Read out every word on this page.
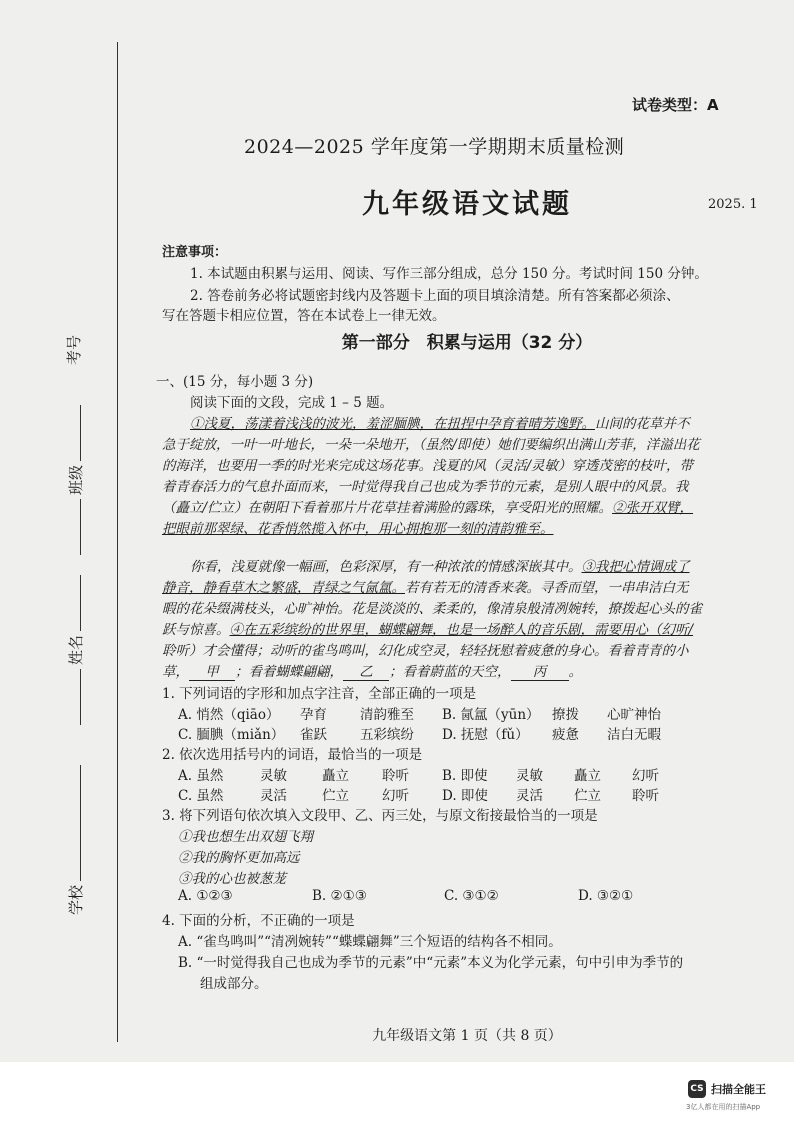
考号
班级
姓名
学校
试卷类型：A
2024—2025 学年度第一学期期末质量检测
九年级语文试题	2025. 1
注意事项：
1. 本试题由积累与运用、阅读、写作三部分组成，总分 150 分。考试时间 150 分钟。
2. 答卷前务必将试题密封线内及答题卡上面的项目填涂清楚。所有答案都必须涂、
写在答题卡相应位置，答在本试卷上一律无效。
第一部分　积累与运用（32 分）
一、(15 分，每小题 3 分)
阅读下面的文段，完成 1 – 5 题。
①浅夏，荡漾着浅浅的波光，羞涩腼腆，在扭捏中孕育着晴芳逸野。山间的花草并不
急于绽放，一叶一叶地长，一朵一朵地开，（虽然/即使）她们要编织出满山芳菲，洋溢出花
的海洋，也要用一季的时光来完成这场花事。浅夏的风（灵活/灵敏）穿透茂密的枝叶，带
着青春活力的气息扑面而来，一时觉得我自己也成为季节的元素，是别人眼中的风景。我
（矗立/伫立）在朝阳下看着那片片花草挂着满脸的露珠，享受阳光的照耀。②张开双臂，
把眼前那翠绿、花香悄然揽入怀中，用心拥抱那一刻的清韵雅至。
你看，浅夏就像一幅画，色彩深厚，有一种浓浓的情感深嵌其中。③我把心情调成了
静音，静看草木之繁盛，青绿之气氤氲。若有若无的清香来袭。寻香而望，一串串洁白无
暇的花朵缀满枝头，心旷神怡。花是淡淡的、柔柔的，像清泉般清冽婉转，撩拨起心头的雀
跃与惊喜。④在五彩缤纷的世界里，蝴蝶翩舞，也是一场醉人的音乐剧，需要用心（幻听/
聆听）才会懂得；动听的雀鸟鸣叫，幻化成空灵，轻轻抚慰着疲惫的身心。看着青青的小
草， 甲 ；看着蝴蝶翩翩， 乙 ；看着蔚蓝的天空， 丙 。
1. 下列词语的字形和加点字注音，全部正确的一项是
A. 悄然（qiāo） 孕育 清韵雅至 B. 氤氲（yūn） 撩拨 心旷神怡
C. 腼腆（miǎn） 雀跃 五彩缤纷 D. 抚慰（fǔ） 疲惫 洁白无暇
2. 依次选用括号内的词语，最恰当的一项是
A. 虽然	灵敏	矗立 聆听 B. 即使 灵敏 矗立 幻听
C. 虽然	灵活	伫立 幻听 D. 即使 灵活 伫立 聆听
3. 将下列语句依次填入文段甲、乙、丙三处，与原文衔接最恰当的一项是
①我也想生出双翅飞翔
②我的胸怀更加高远
③我的心也被葱茏
A. ①②③	B. ②①③	C. ③①②	D. ③②①
4. 下面的分析，不正确的一项是
A. “雀鸟鸣叫”“清冽婉转”“蝶蝶翩舞”三个短语的结构各不相同。
B. “一时觉得我自己也成为季节的元素”中“元素”本义为化学元素，句中引申为季节的
组成部分。
九年级语文第 1 页（共 8 页）
CS 扫描全能王
3亿人都在用的扫描App
